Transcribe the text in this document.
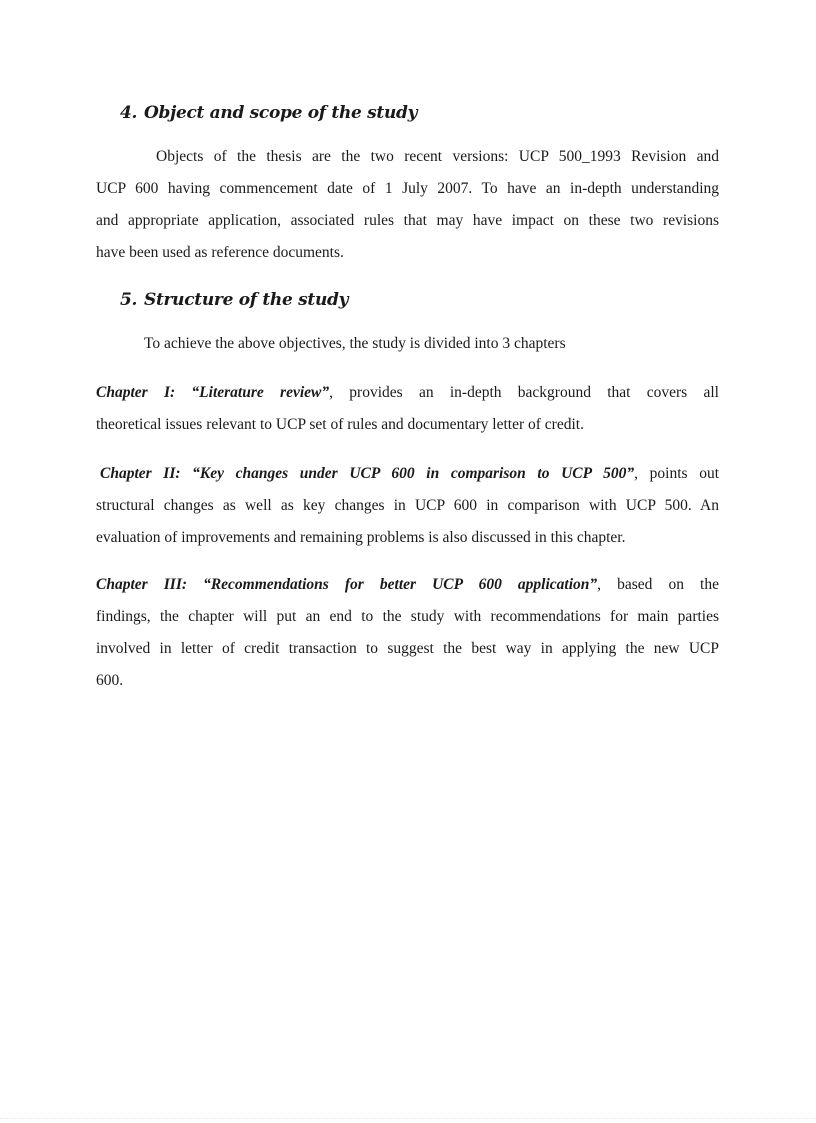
4. Object and scope of the study
Objects of the thesis are the two recent versions: UCP 500_1993 Revision and
UCP 600 having commencement date of 1 July 2007. To have an in-depth understanding
and appropriate application, associated rules that may have impact on these two revisions
have been used as reference documents.
5. Structure of the study
To achieve the above objectives, the study is divided into 3 chapters
Chapter I: “Literature review”, provides an in-depth background that covers all
theoretical issues relevant to UCP set of rules and documentary letter of credit.
Chapter II: “Key changes under UCP 600 in comparison to UCP 500”, points out
structural changes as well as key changes in UCP 600 in comparison with UCP 500. An
evaluation of improvements and remaining problems is also discussed in this chapter.
Chapter III: “Recommendations for better UCP 600 application”, based on the
findings, the chapter will put an end to the study with recommendations for main parties
involved in letter of credit transaction to suggest the best way in applying the new UCP
600.
